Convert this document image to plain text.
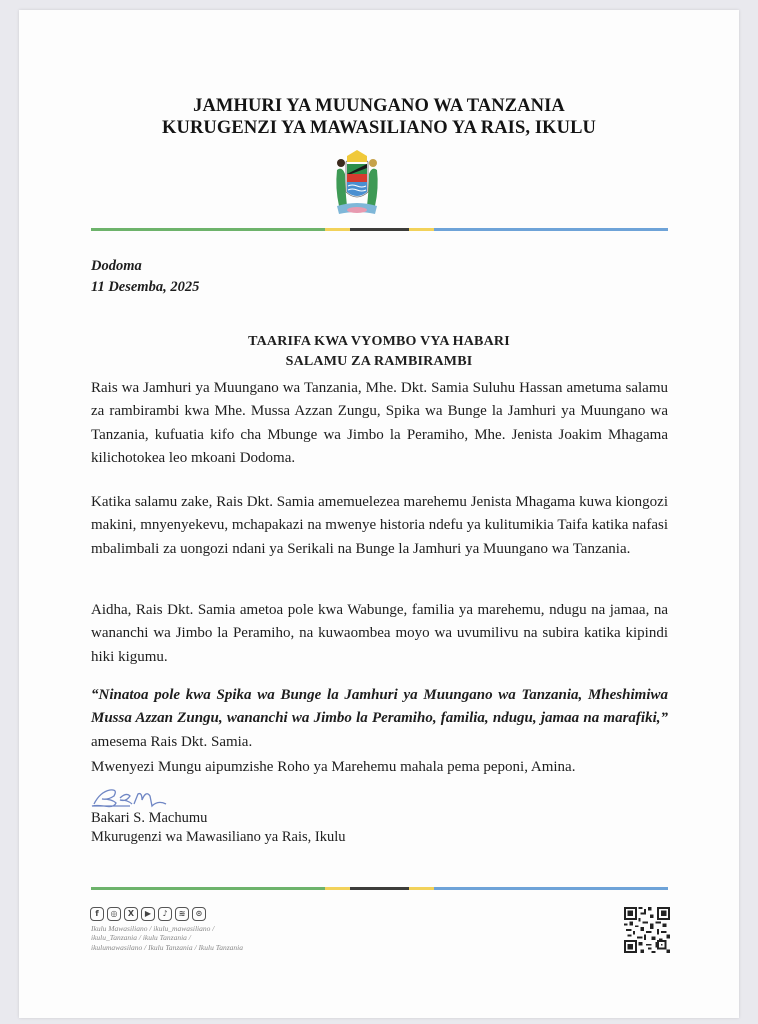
JAMHURI YA MUUNGANO WA TANZANIA
KURUGENZI YA MAWASILIANO YA RAIS, IKULU
Dodoma
11 Desemba, 2025
TAARIFA KWA VYOMBO VYA HABARI
SALAMU ZA RAMBIRAMBI

Rais wa Jamhuri ya Muungano wa Tanzania, Mhe. Dkt. Samia Suluhu Hassan ametuma salamu za rambirambi kwa Mhe. Mussa Azzan Zungu, Spika wa Bunge la Jamhuri ya Muungano wa Tanzania, kufuatia kifo cha Mbunge wa Jimbo la Peramiho, Mhe. Jenista Joakim Mhagama kilichotokea leo mkoani Dodoma.

Katika salamu zake, Rais Dkt. Samia amemuelezea marehemu Jenista Mhagama kuwa kiongozi makini, mnyenyekevu, mchapakazi na mwenye historia ndefu ya kulitumikia Taifa katika nafasi mbalimbali za uongozi ndani ya Serikali na Bunge la Jamhuri ya Muungano wa Tanzania.

Aidha, Rais Dkt. Samia ametoa pole kwa Wabunge, familia ya marehemu, ndugu na jamaa, na wananchi wa Jimbo la Peramiho, na kuwaombea moyo wa uvumilivu na subira katika kipindi hiki kigumu.

“Ninatoa pole kwa Spika wa Bunge la Jamhuri ya Muungano wa Tanzania, Mheshimiwa Mussa Azzan Zungu, wananchi wa Jimbo la Peramiho, familia, ndugu, jamaa na marafiki,” amesema Rais Dkt. Samia.

Mwenyezi Mungu aipumzishe Roho ya Marehemu mahala pema peponi, Amina.

Bakari S. Machumu
Mkurugenzi wa Mawasiliano ya Rais, Ikulu
f	◎	X	▶	♪	≋	⊙
Ikulu Mawasiliano / ikulu_mawasiliano /
ikulu_Tanzania / ikulu Tanzania /
ikulumawasilano / Ikulu Tanzania / Ikulu Tanzania
